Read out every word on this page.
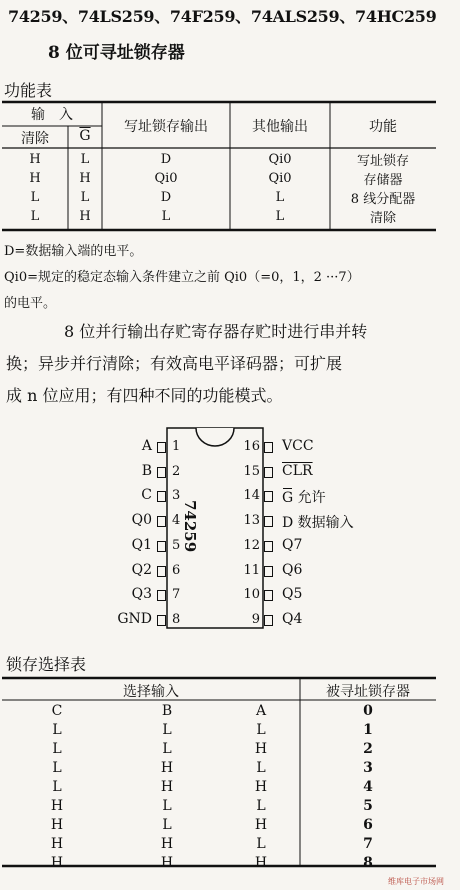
74259、74LS259、74F259、74ALS259、74HC259
8 位可寻址锁存器
功能表
输　入
清除	$\overline{G}$
写址锁存输出	其他输出	功能
H	L	D	Qi0	写址锁存
H	H	Qi0	Qi0	存储器
L	L	D	L	8 线分配器
L	H	L	L	清除
D=数据输入端的电平。
Qi0=规定的稳定态输入条件建立之前 Qi0（=0，1，2 ···7）
的电平。
8 位并行输出存贮寄存器存贮时进行串并转
换；异步并行清除；有效高电平译码器；可扩展
成 n 位应用；有四种不同的功能模式。
74259
锁存选择表
选择输入	被寻址锁存器
C	B	A	0
L	L	L	1
L	L	H	2
L	H	L	3
L	H	H	4
H	L	L	5
H	L	H	6
H	H	L	7
H	H	H	8
维库电子市场网
A 1
B 2
C 3
Q0 4
Q1 5
Q2 6
Q3 7
GND 8
16 VCC
15 $\overline{CLR}$
14 G 允许
13 D 数据输入
12 Q7
11 Q6
10 Q5
9 Q4
